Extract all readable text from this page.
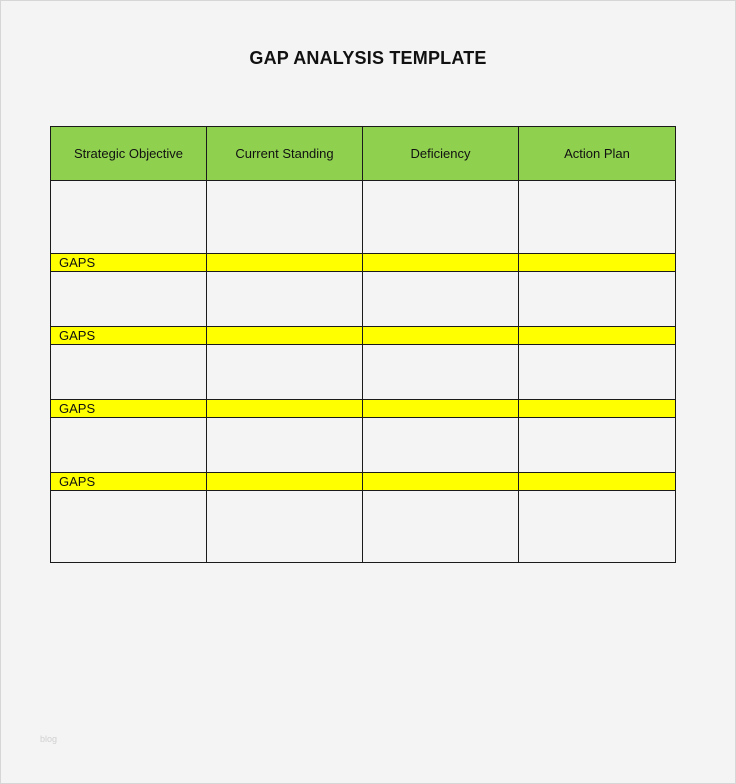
GAP ANALYSIS TEMPLATE
Strategic Objective	Current Standing	Deficiency	Action Plan

GAPS			

GAPS			

GAPS			

GAPS			

blog
